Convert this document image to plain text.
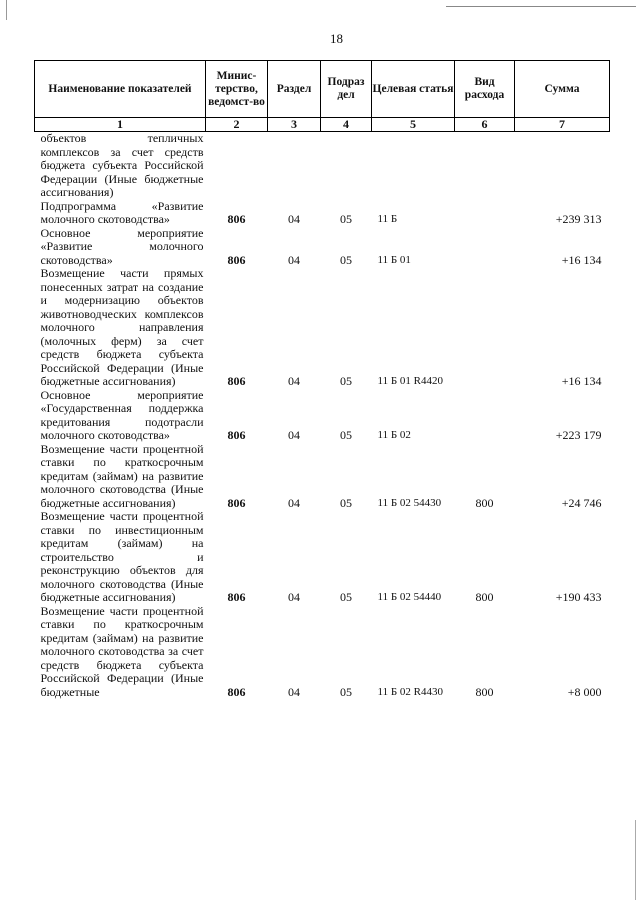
18
Наименование показателей	Минис-терство, ведомст-во	Раздел	Подраз дел	Целевая статья	Вид расхода	Сумма
1	2	3	4	5	6	7
объектов тепличных комплексов за счет средств бюджета субъекта Российской Федерации (Иные бюджетные ассигнования)						
Подпрограмма «Развитие молочного скотоводства»	806	04	05	11 Б		+239 313
Основное мероприятие «Развитие молочного скотоводства»	806	04	05	11 Б 01		+16 134
Возмещение части прямых понесенных затрат на создание и модернизацию объектов животноводческих комплексов молочного направления (молочных ферм) за счет средств бюджета субъекта Российской Федерации (Иные бюджетные ассигнования)	806	04	05	11 Б 01 R4420		+16 134
Основное мероприятие «Государственная поддержка кредитования подотрасли молочного скотоводства»	806	04	05	11 Б 02		+223 179
Возмещение части процентной ставки по краткосрочным кредитам (займам) на развитие молочного скотоводства (Иные бюджетные ассигнования)	806	04	05	11 Б 02 54430	800	+24 746
Возмещение части процентной ставки по инвестиционным кредитам (займам) на строительство и реконструкцию объектов для молочного скотоводства (Иные бюджетные ассигнования)	806	04	05	11 Б 02 54440	800	+190 433
Возмещение части процентной ставки по краткосрочным кредитам (займам) на развитие молочного скотоводства за счет средств бюджета субъекта Российской Федерации (Иные бюджетные	806	04	05	11 Б 02 R4430	800	+8 000
